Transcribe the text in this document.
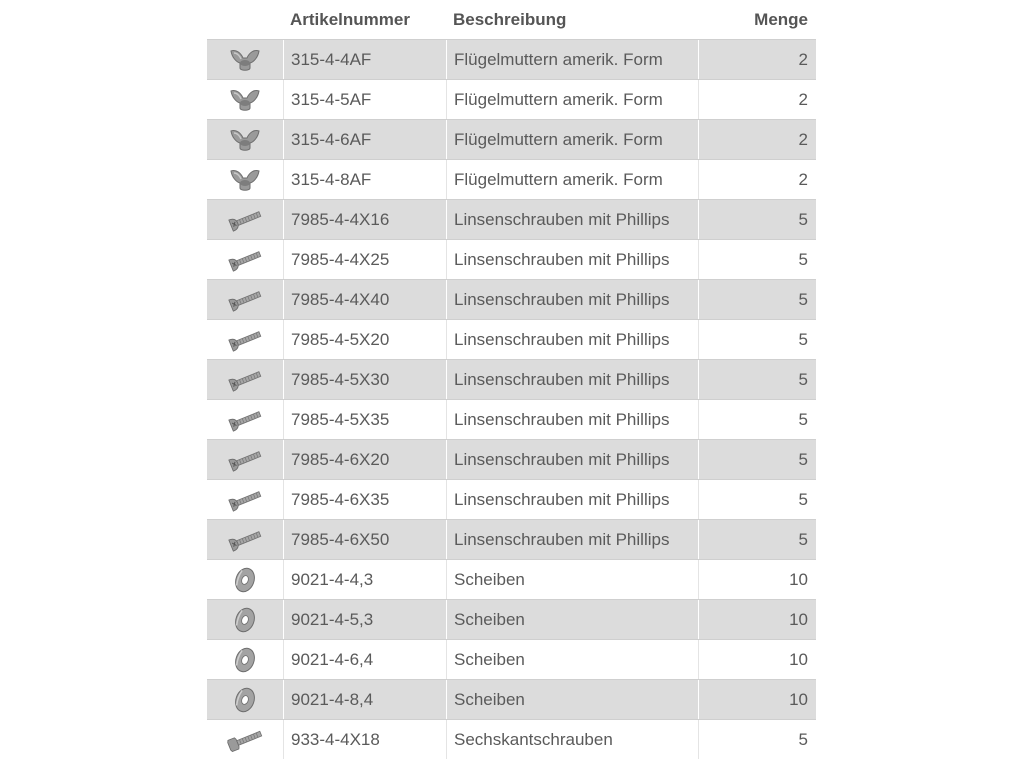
Artikelnummer	Beschreibung	Menge
315-4-4AF	Flügelmuttern amerik. Form	2
315-4-5AF	Flügelmuttern amerik. Form	2
315-4-6AF	Flügelmuttern amerik. Form	2
315-4-8AF	Flügelmuttern amerik. Form	2
7985-4-4X16	Linsenschrauben mit Phillips	5
7985-4-4X25	Linsenschrauben mit Phillips	5
7985-4-4X40	Linsenschrauben mit Phillips	5
7985-4-5X20	Linsenschrauben mit Phillips	5
7985-4-5X30	Linsenschrauben mit Phillips	5
7985-4-5X35	Linsenschrauben mit Phillips	5
7985-4-6X20	Linsenschrauben mit Phillips	5
7985-4-6X35	Linsenschrauben mit Phillips	5
7985-4-6X50	Linsenschrauben mit Phillips	5
9021-4-4,3	Scheiben	10
9021-4-5,3	Scheiben	10
9021-4-6,4	Scheiben	10
9021-4-8,4	Scheiben	10
933-4-4X18	Sechskantschrauben	5
